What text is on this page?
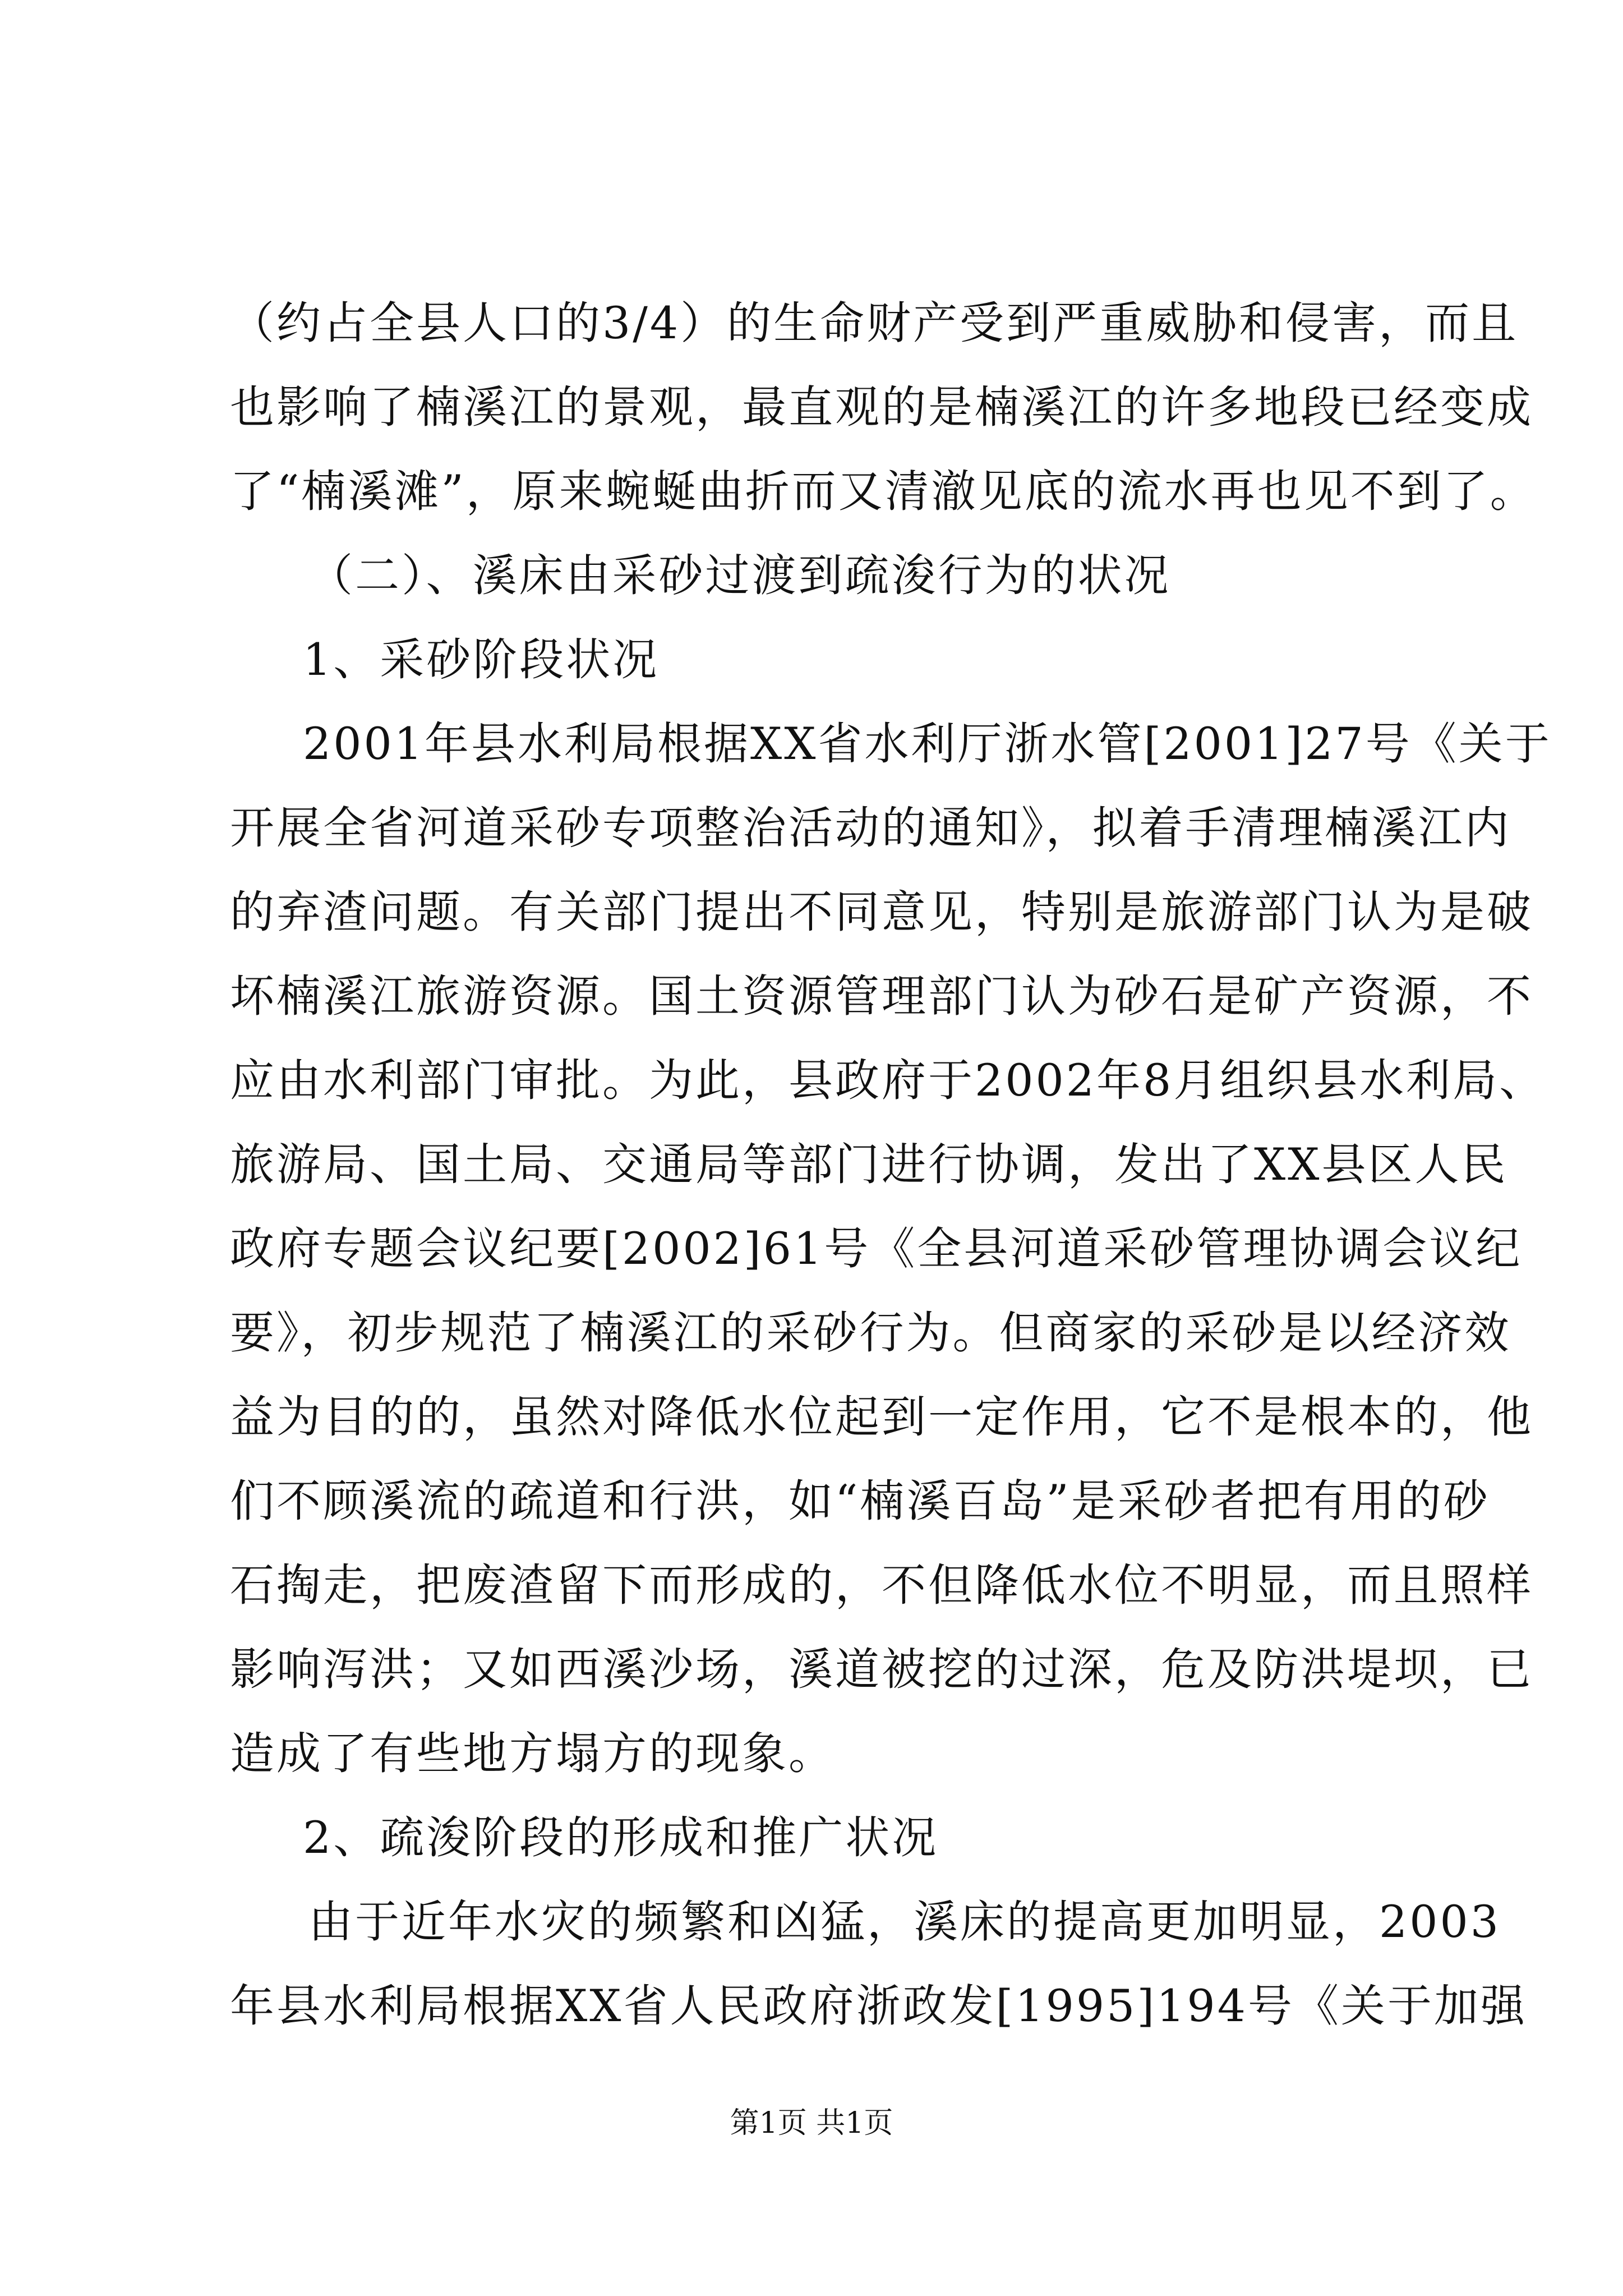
（约占全县人口的3/4）的生命财产受到严重威胁和侵害，而且
也影响了楠溪江的景观，最直观的是楠溪江的许多地段已经变成
了“楠溪滩”，原来蜿蜒曲折而又清澈见底的流水再也见不到了。
（二）、溪床由采砂过渡到疏浚行为的状况
1、采砂阶段状况
2001年县水利局根据XX省水利厅浙水管[2001]27号《关于
开展全省河道采砂专项整治活动的通知》，拟着手清理楠溪江内
的弃渣问题。有关部门提出不同意见，特别是旅游部门认为是破
坏楠溪江旅游资源。国土资源管理部门认为砂石是矿产资源，不
应由水利部门审批。为此，县政府于2002年8月组织县水利局、
旅游局、国土局、交通局等部门进行协调，发出了XX县区人民
政府专题会议纪要[2002]61号《全县河道采砂管理协调会议纪
要》，初步规范了楠溪江的采砂行为。但商家的采砂是以经济效
益为目的的，虽然对降低水位起到一定作用，它不是根本的，他
们不顾溪流的疏道和行洪，如“楠溪百岛”是采砂者把有用的砂
石掏走，把废渣留下而形成的，不但降低水位不明显，而且照样
影响泻洪；又如西溪沙场，溪道被挖的过深，危及防洪堤坝，已
造成了有些地方塌方的现象。
2、疏浚阶段的形成和推广状况
由于近年水灾的频繁和凶猛，溪床的提高更加明显，2003
年县水利局根据XX省人民政府浙政发[1995]194号《关于加强
第1页 共1页
